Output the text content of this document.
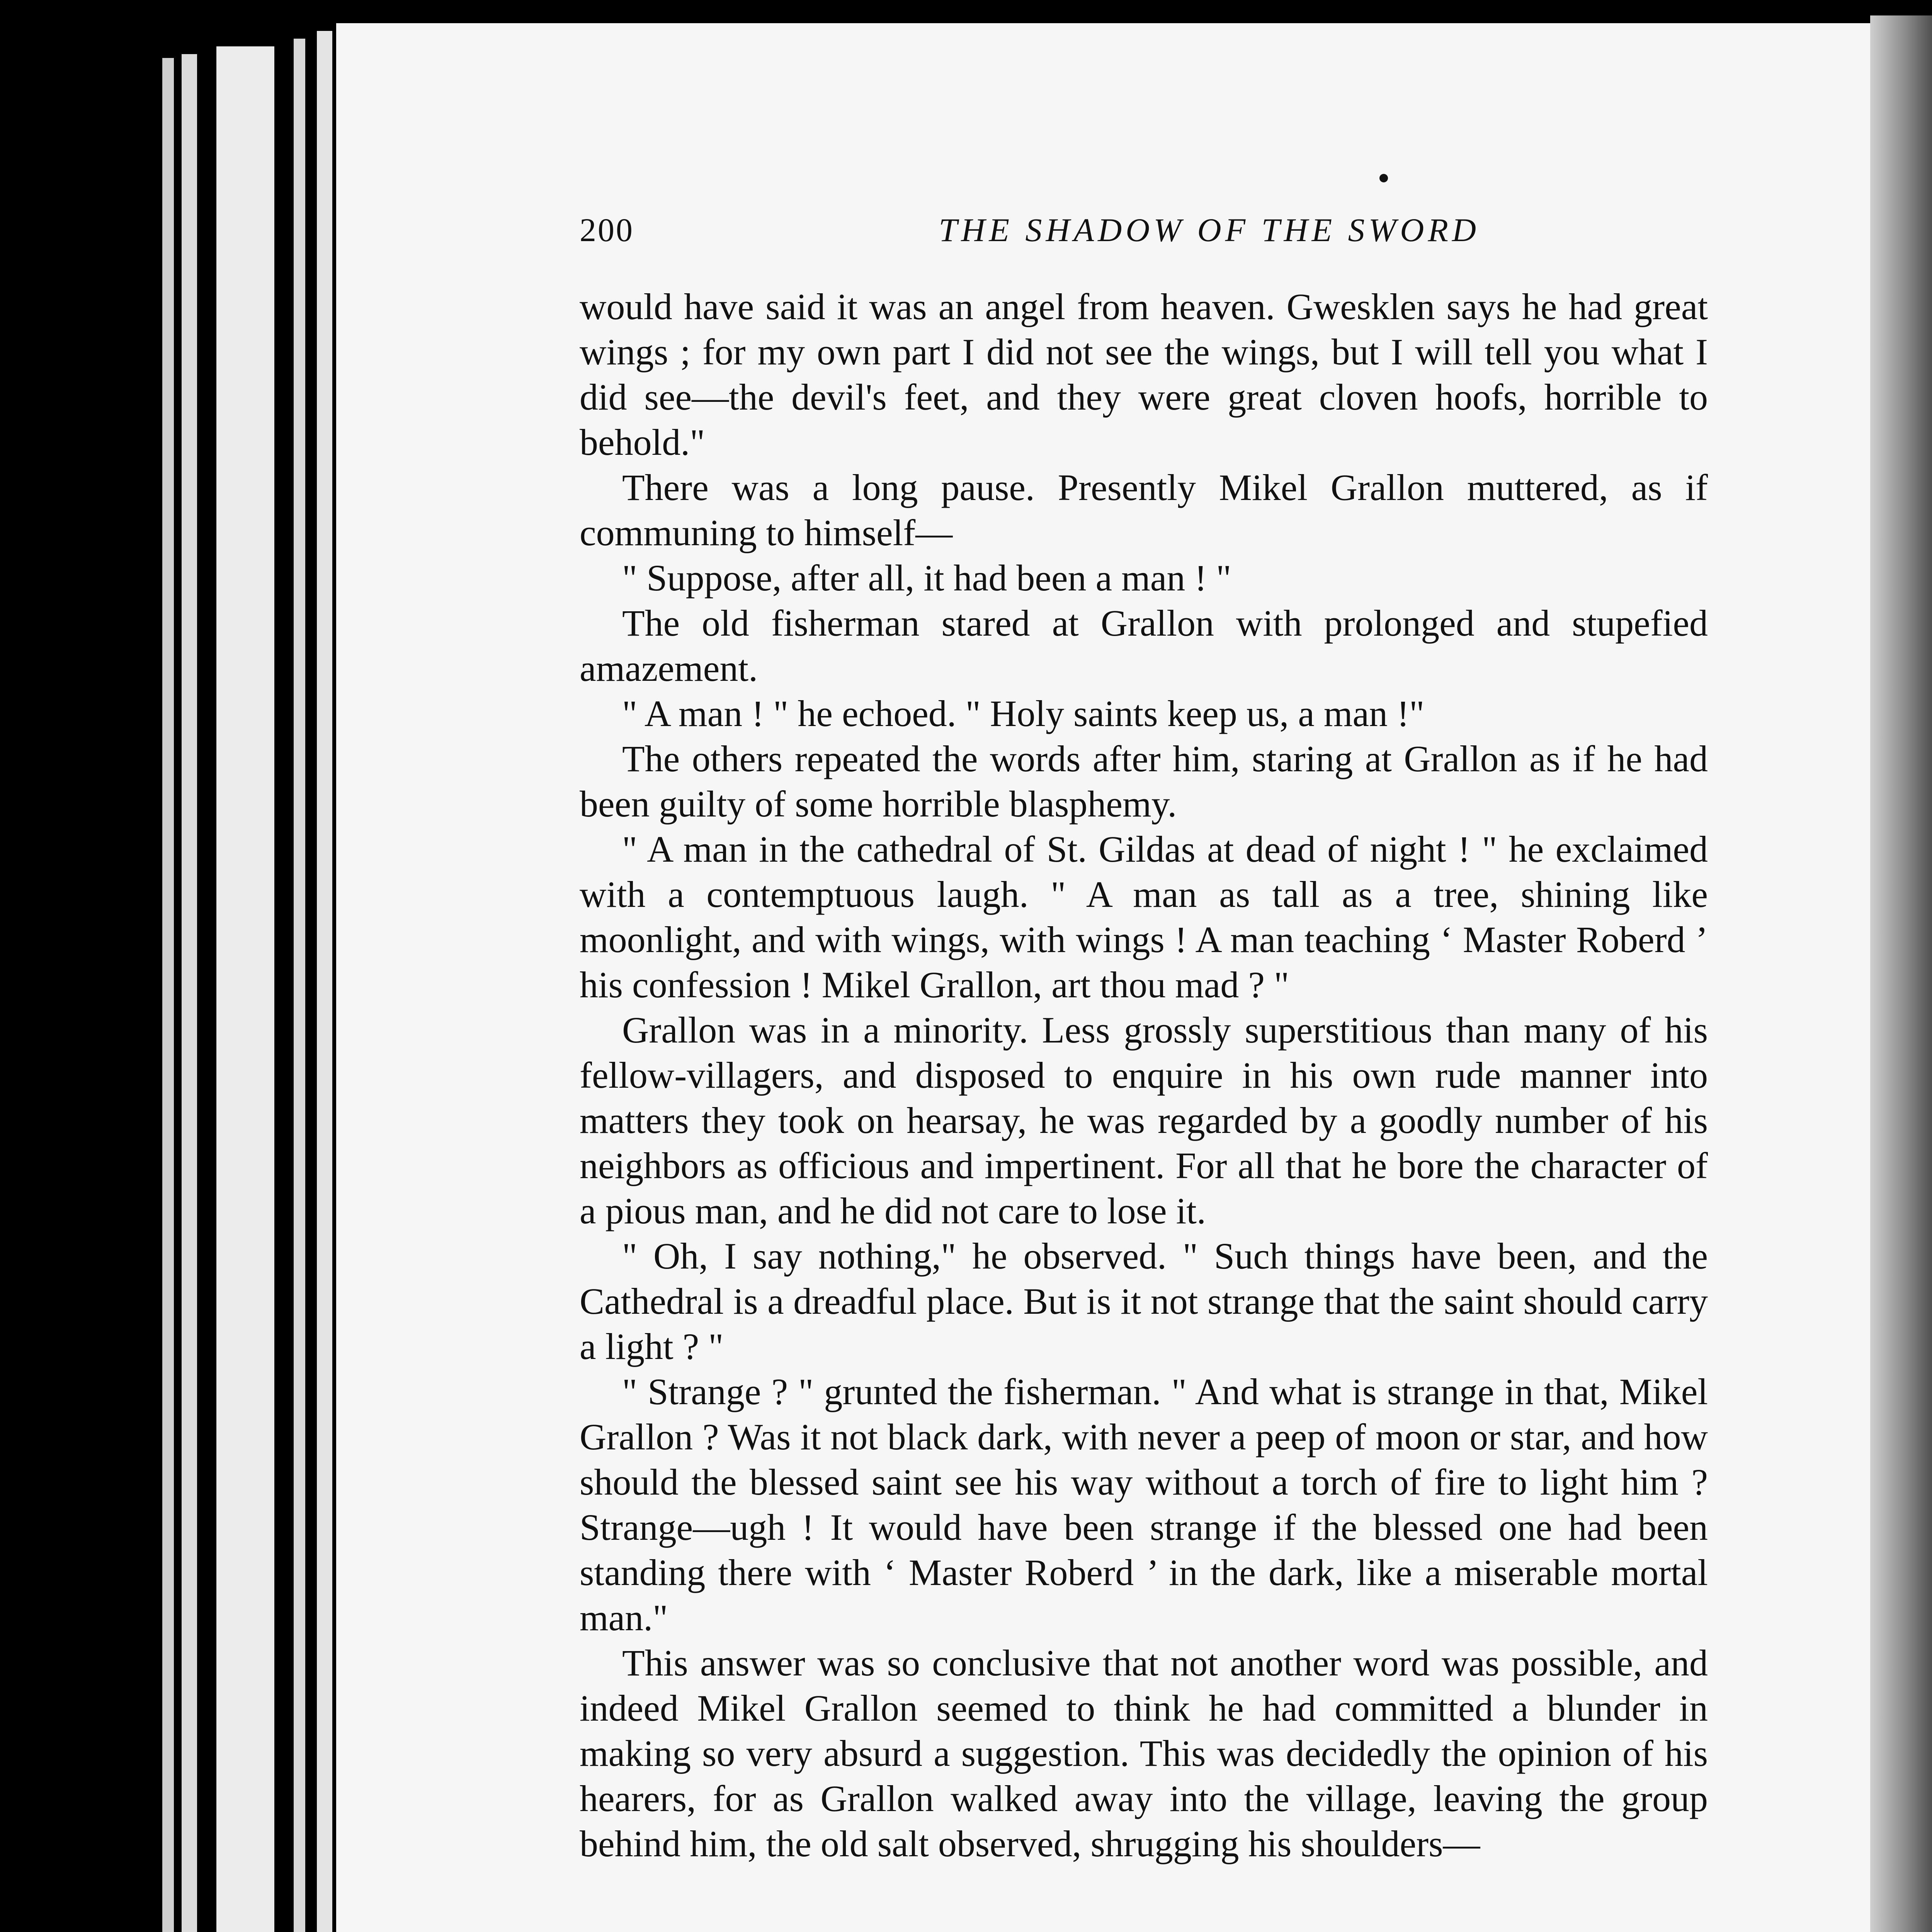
200	THE SHADOW OF THE SWORD

would have said it was an angel from heaven. Gwesklen says he had great wings ; for my own part I did not see the wings, but I will tell you what I did see—the devil's feet, and they were great cloven hoofs, horrible to behold."

There was a long pause. Presently Mikel Grallon muttered, as if communing to himself—

" Suppose, after all, it had been a man ! "

The old fisherman stared at Grallon with prolonged and stupefied amazement.

" A man ! " he echoed. " Holy saints keep us, a man !"

The others repeated the words after him, staring at Grallon as if he had been guilty of some horrible blasphemy.

" A man in the cathedral of St. Gildas at dead of night ! " he exclaimed with a contemptuous laugh. " A man as tall as a tree, shining like moonlight, and with wings, with wings ! A man teaching ‘ Master Roberd ’ his confession ! Mikel Grallon, art thou mad ? "

Grallon was in a minority. Less grossly superstitious than many of his fellow-villagers, and disposed to enquire in his own rude manner into matters they took on hearsay, he was regarded by a goodly number of his neighbors as officious and impertinent. For all that he bore the character of a pious man, and he did not care to lose it.

" Oh, I say nothing," he observed. " Such things have been, and the Cathedral is a dreadful place. But is it not strange that the saint should carry a light ? "

" Strange ? " grunted the fisherman. " And what is strange in that, Mikel Grallon ? Was it not black dark, with never a peep of moon or star, and how should the blessed saint see his way without a torch of fire to light him ? Strange—ugh ! It would have been strange if the blessed one had been standing there with ‘ Master Roberd ’ in the dark, like a miserable mortal man."

This answer was so conclusive that not another word was possible, and indeed Mikel Grallon seemed to think he had committed a blunder in making so very absurd a suggestion. This was decidedly the opinion of his hearers, for as Grallon walked away into the village, leaving the group behind him, the old salt observed, shrugging his shoulders—
